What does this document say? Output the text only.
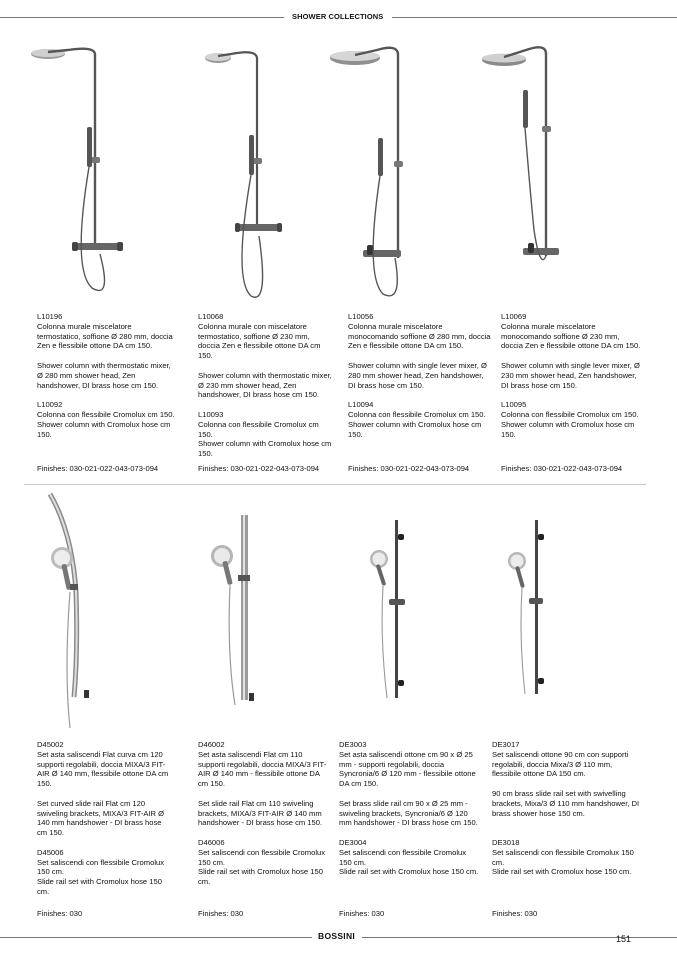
SHOWER COLLECTIONS
L10196

Colonna murale miscelatore termostatico, soffione Ø 280 mm, doccia Zen e flessibile ottone DA cm 150.

Shower column with thermostatic mixer, Ø 280 mm shower head, Zen handshower, DI brass hose cm 150.

L10092

Colonna con flessibile Cromolux cm 150.

Shower column with Cromolux hose cm 150.

Finishes: 030-021-022-043-073-094
L10068

Colonna murale con miscelatore termostatico, soffione Ø 230 mm, doccia Zen e flessibile ottone DA cm 150.

Shower column with thermostatic mixer, Ø 230 mm shower head, Zen handshower, DI brass hose cm 150.

L10093

Colonna con flessibile Cromolux cm 150.

Shower column with Cromolux hose cm 150.

Finishes: 030-021-022-043-073-094
L10056

Colonna murale miscelatore monocomando soffione Ø 280 mm, doccia Zen e flessibile ottone DA cm 150.

Shower column with single lever mixer, Ø 280 mm shower head, Zen handshower, DI brass hose cm 150.

L10094

Colonna con flessibile Cromolux cm 150.

Shower column with Cromolux hose cm 150.

Finishes: 030-021-022-043-073-094
L10069

Colonna murale miscelatore monocomando soffione Ø 230 mm, doccia Zen e flessibile ottone DA cm 150.

Shower column with single lever mixer, Ø 230 mm shower head, Zen handshower, DI brass hose cm 150.

L10095

Colonna con flessibile Cromolux cm 150.

Shower column with Cromolux hose cm 150.

Finishes: 030-021-022-043-073-094
D45002

Set asta saliscendi Flat curva cm 120 supporti regolabili, doccia MIXA/3 FIT-AIR Ø 140 mm, flessibile ottone DA cm 150.

Set curved slide rail Flat cm 120 swiveling brackets, MIXA/3 FIT-AIR Ø 140 mm handshower - DI brass hose cm 150.

D45006

Set saliscendi con flessibile Cromolux 150 cm.

Slide rail set with Cromolux hose 150 cm.

Finishes: 030
D46002

Set asta saliscendi Flat cm 110 supporti regolabili, doccia MIXA/3 FIT-AIR Ø 140 mm - flessibile ottone DA cm 150.

Set slide rail Flat cm 110 swiveling brackets, MIXA/3 FIT-AIR Ø 140 mm handshower - DI brass hose cm 150.

D46006

Set saliscendi con flessibile Cromolux 150 cm.

Slide rail set with Cromolux hose 150 cm.

Finishes: 030
DE3003

Set asta saliscendi ottone cm 90 x Ø 25 mm - supporti regolabili, doccia Syncronia/6 Ø 120 mm - flessibile ottone DA cm 150.

Set brass slide rail cm 90 x Ø 25 mm - swiveling brackets, Syncronia/6 Ø 120 mm handshower - DI brass hose cm 150.

DE3004

Set saliscendi con flessibile Cromolux 150 cm.

Slide rail set with Cromolux hose 150 cm.

Finishes: 030
DE3017

Set saliscendi ottone 90 cm con supporti regolabili, doccia Mixa/3 Ø 110 mm, flessibile ottone DA 150 cm.

90 cm brass slide rail set with swivelling brackets, Mixa/3 Ø 110 mm handshower, DI brass shower hose 150 cm.

DE3018

Set saliscendi con flessibile Cromolux 150 cm.

Slide rail set with Cromolux hose 150 cm.

Finishes: 030
BOSSINI	151
